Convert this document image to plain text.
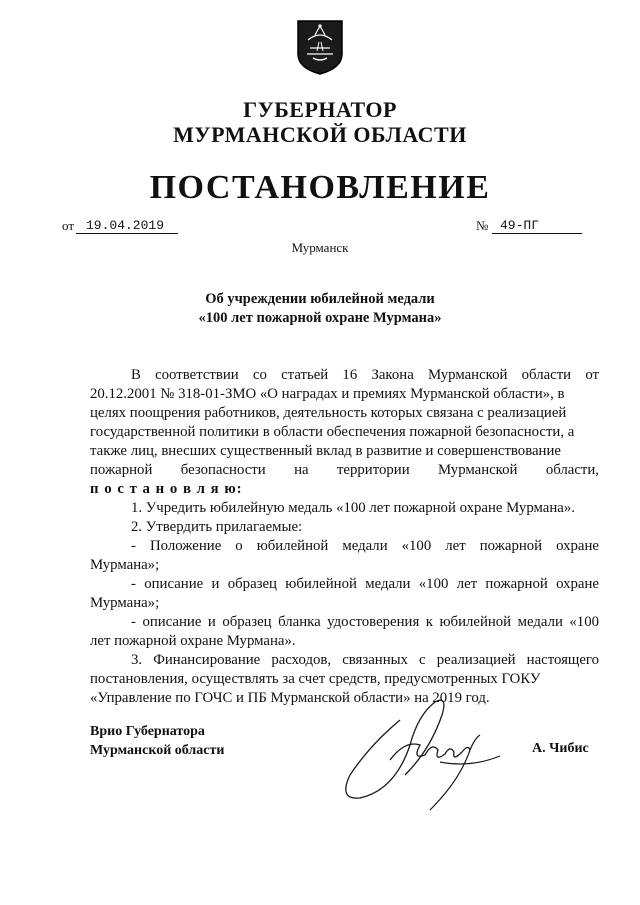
ГУБЕРНАТОР
МУРМАНСКОЙ ОБЛАСТИ
ПОСТАНОВЛЕНИЕ
от 19.04.2019	№ 49-ПГ
Мурманск
Об учреждении юбилейной медали
«100 лет пожарной охране Мурмана»
В соответствии со статьей 16 Закона Мурманской области от
20.12.2001 № 318-01-ЗМО «О наградах и премиях Мурманской области», в
целях поощрения работников, деятельность которых связана с реализацией
государственной политики в области обеспечения пожарной безопасности, а
также лиц, внесших существенный вклад в развитие и совершенствование
пожарной безопасности на территории Мурманской области,
п о с т а н о в л я ю:
1. Учредить юбилейную медаль «100 лет пожарной охране Мурмана».
2. Утвердить прилагаемые:
- Положение о юбилейной медали «100 лет пожарной охране
Мурмана»;
- описание и образец юбилейной медали «100 лет пожарной охране
Мурмана»;
- описание и образец бланка удостоверения к юбилейной медали «100
лет пожарной охране Мурмана».
3. Финансирование расходов, связанных с реализацией настоящего
постановления, осуществлять за счет средств, предусмотренных ГОКУ
«Управление по ГОЧС и ПБ Мурманской области» на 2019 год.
Врио Губернатора
Мурманской области	А. Чибис
